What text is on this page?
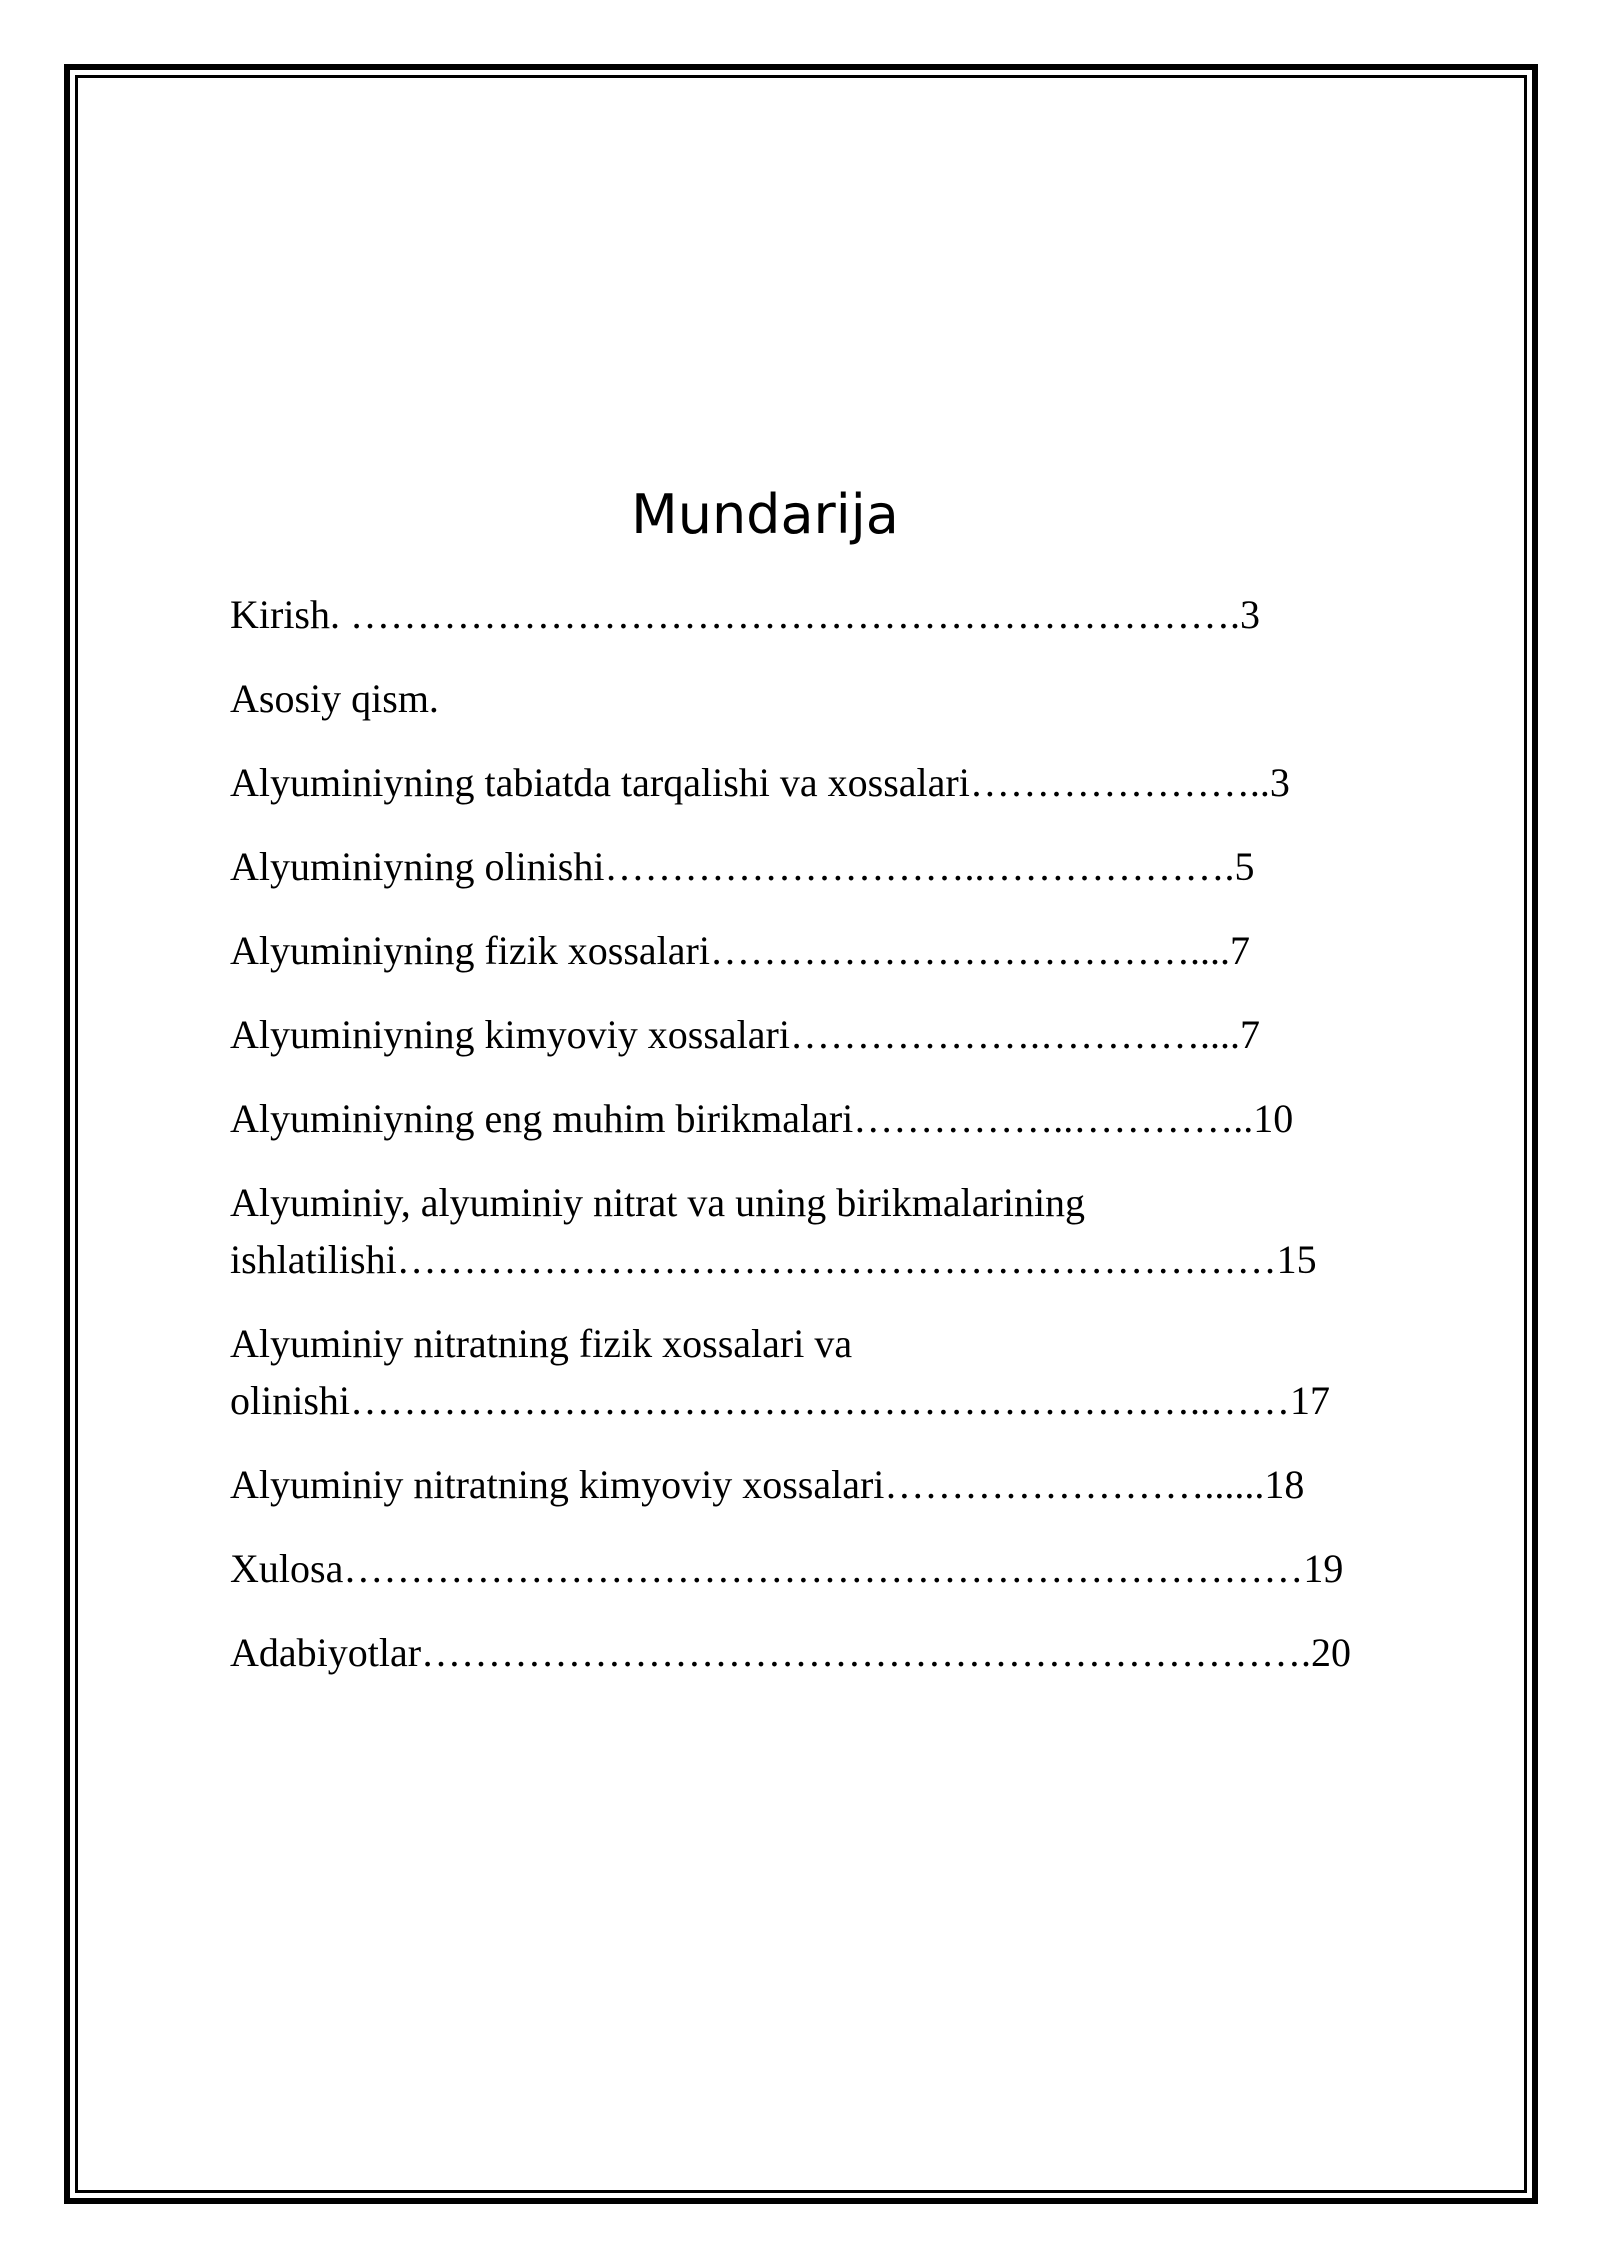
Mundarija
Kirish. ………………………………………………………….3
Asosiy qism.
Alyuminiyning tabiatda tarqalishi va xossalari…………………..3
Alyuminiyning olinishi………………………..……………….5
Alyuminiyning fizik xossalari………………………………....7
Alyuminiyning kimyoviy xossalari……………….…………....7
Alyuminiyning eng muhim birikmalari……………..…………..10
Alyuminiy, alyuminiy nitrat va uning birikmalarining
ishlatilishi…………………………………………………………15
Alyuminiy nitratning fizik xossalari va
olinishi………………………………………………………..……17
Alyuminiy nitratning kimyoviy xossalari……………………......18
Xulosa………………………………………………………………19
Adabiyotlar………………………………………………………….20
